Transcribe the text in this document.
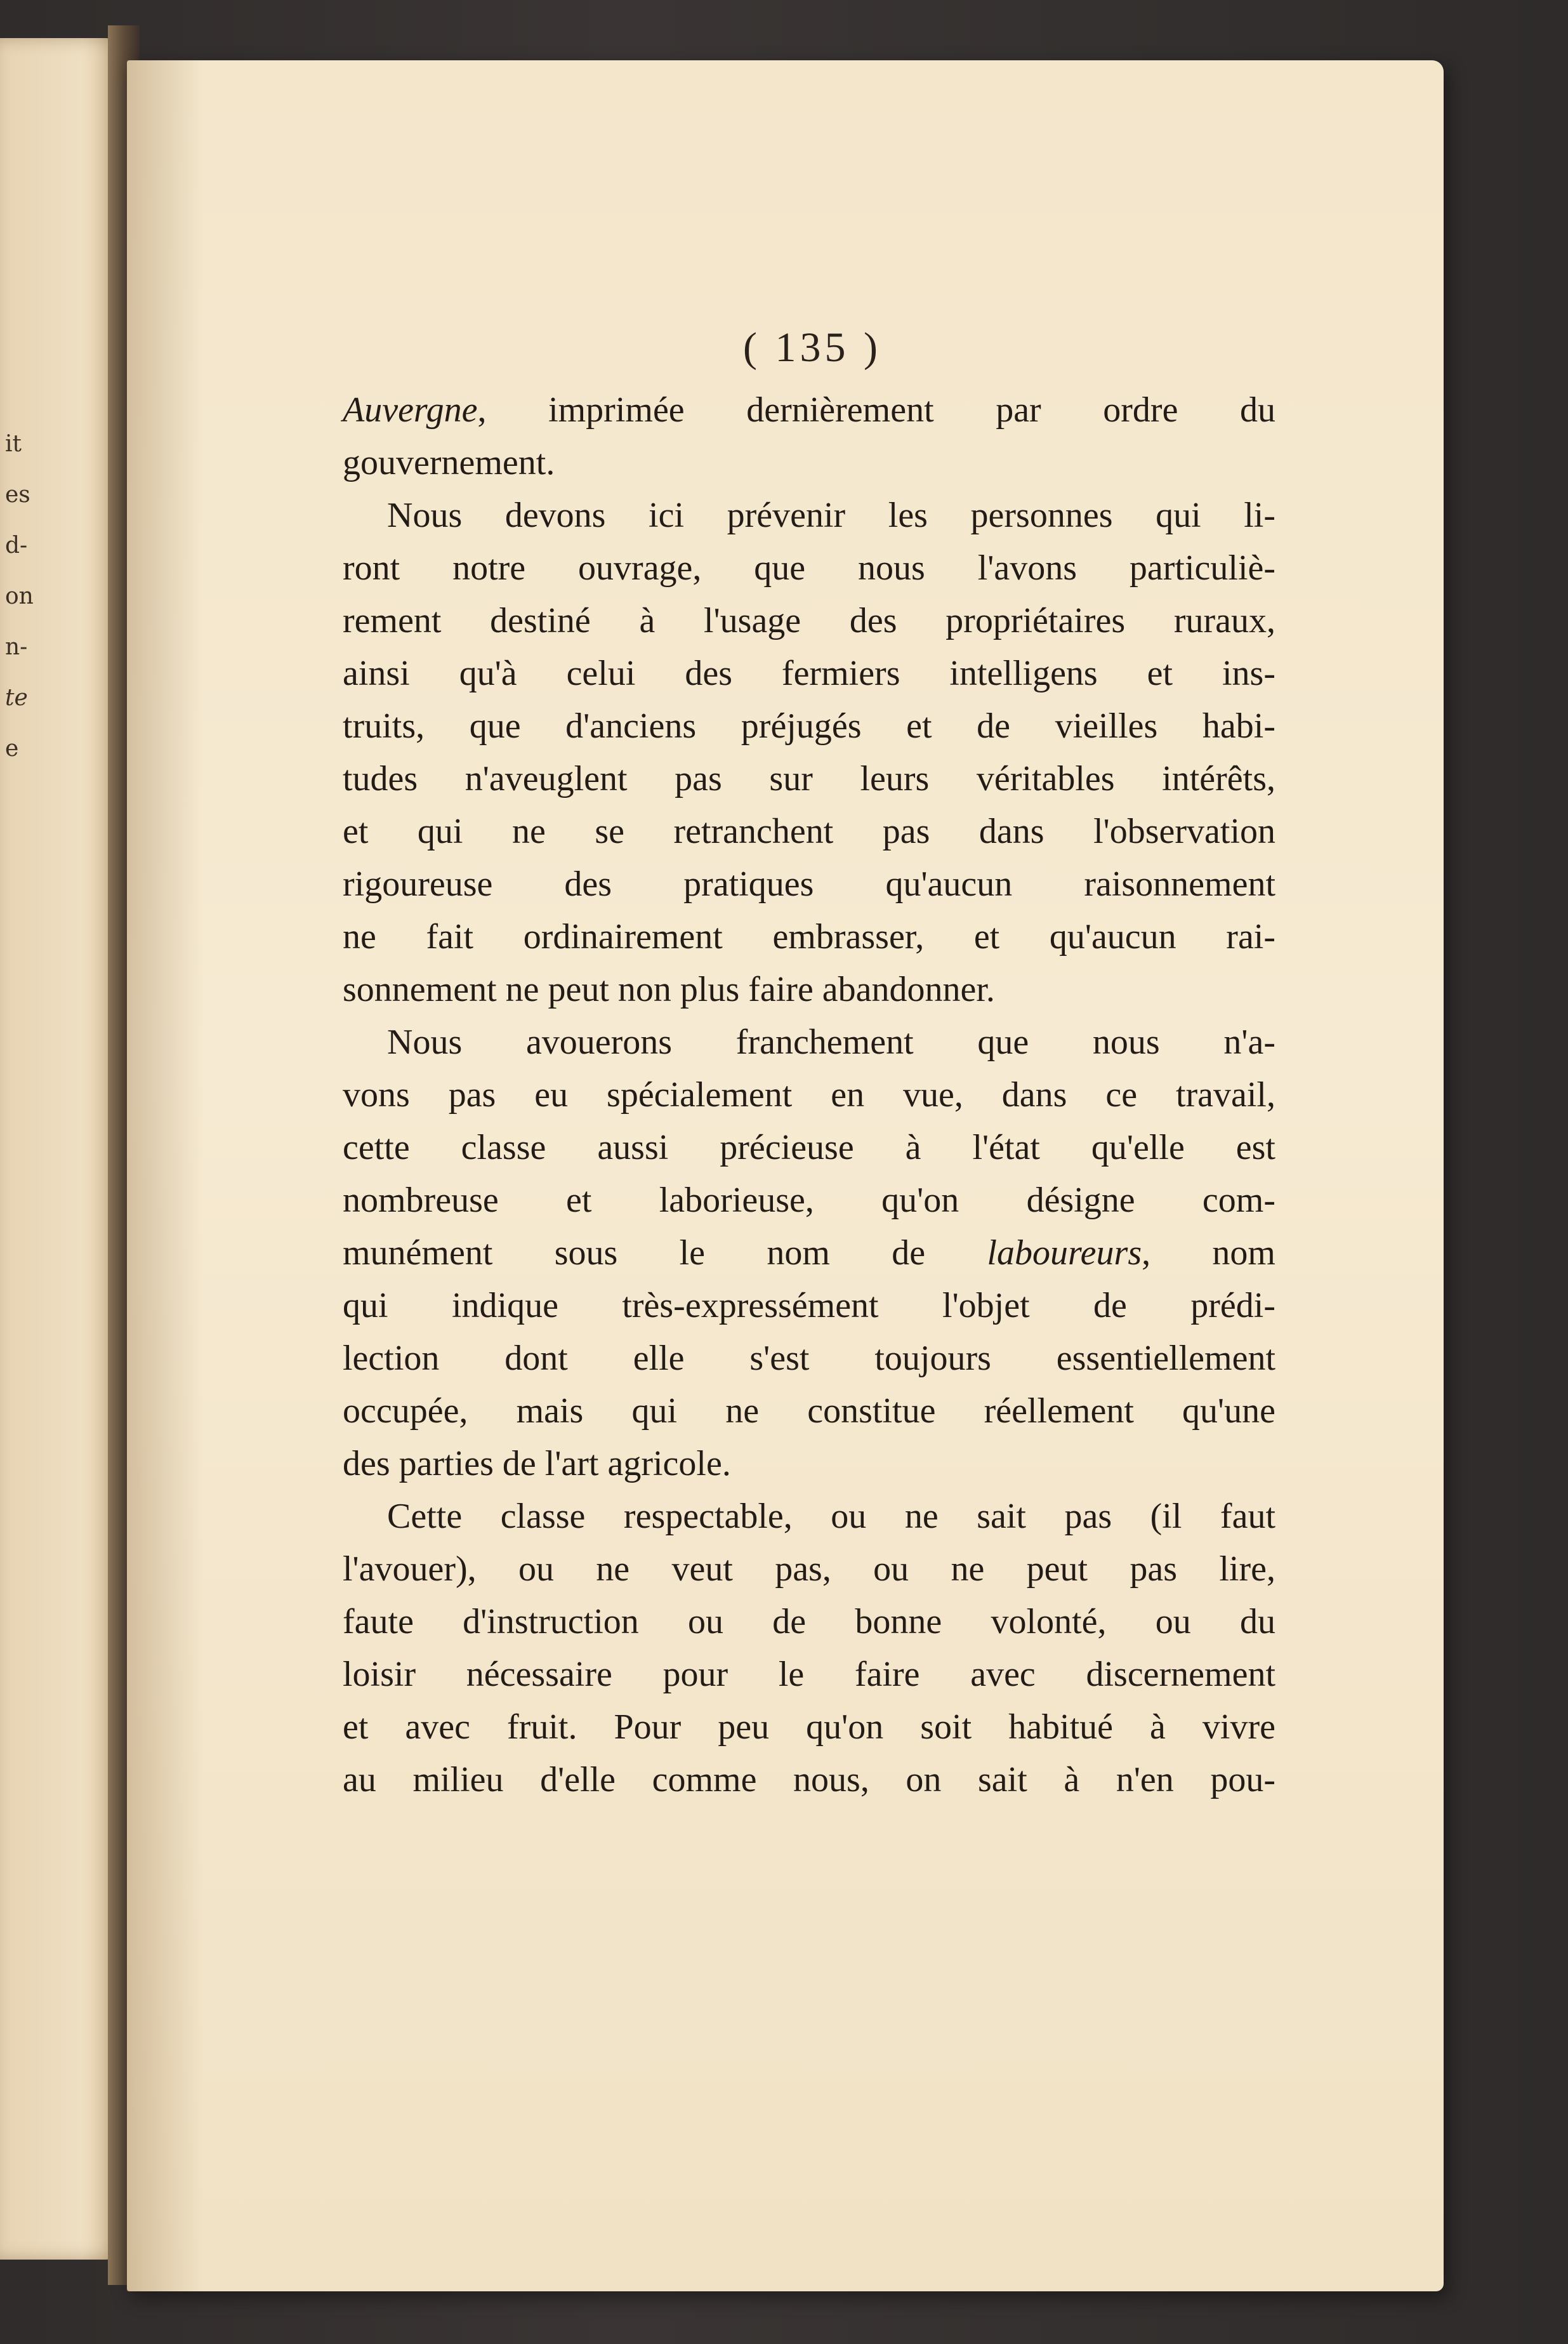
it
es
d-
on
n-
te
e
( 135 )
Auvergne, imprimée dernièrement par ordre du
gouvernement.
Nous devons ici prévenir les personnes qui li-
ront notre ouvrage, que nous l'avons particuliè-
rement destiné à l'usage des propriétaires ruraux,
ainsi qu'à celui des fermiers intelligens et ins-
truits, que d'anciens préjugés et de vieilles habi-
tudes n'aveuglent pas sur leurs véritables intérêts,
et qui ne se retranchent pas dans l'observation
rigoureuse des pratiques qu'aucun raisonnement
ne fait ordinairement embrasser, et qu'aucun rai-
sonnement ne peut non plus faire abandonner.
Nous avouerons franchement que nous n'a-
vons pas eu spécialement en vue, dans ce travail,
cette classe aussi précieuse à l'état qu'elle est
nombreuse et laborieuse, qu'on désigne com-
munément sous le nom de laboureurs, nom
qui indique très-expressément l'objet de prédi-
lection dont elle s'est toujours essentiellement
occupée, mais qui ne constitue réellement qu'une
des parties de l'art agricole.
Cette classe respectable, ou ne sait pas (il faut
l'avouer), ou ne veut pas, ou ne peut pas lire,
faute d'instruction ou de bonne volonté, ou du
loisir nécessaire pour le faire avec discernement
et avec fruit. Pour peu qu'on soit habitué à vivre
au milieu d'elle comme nous, on sait à n'en pou-
